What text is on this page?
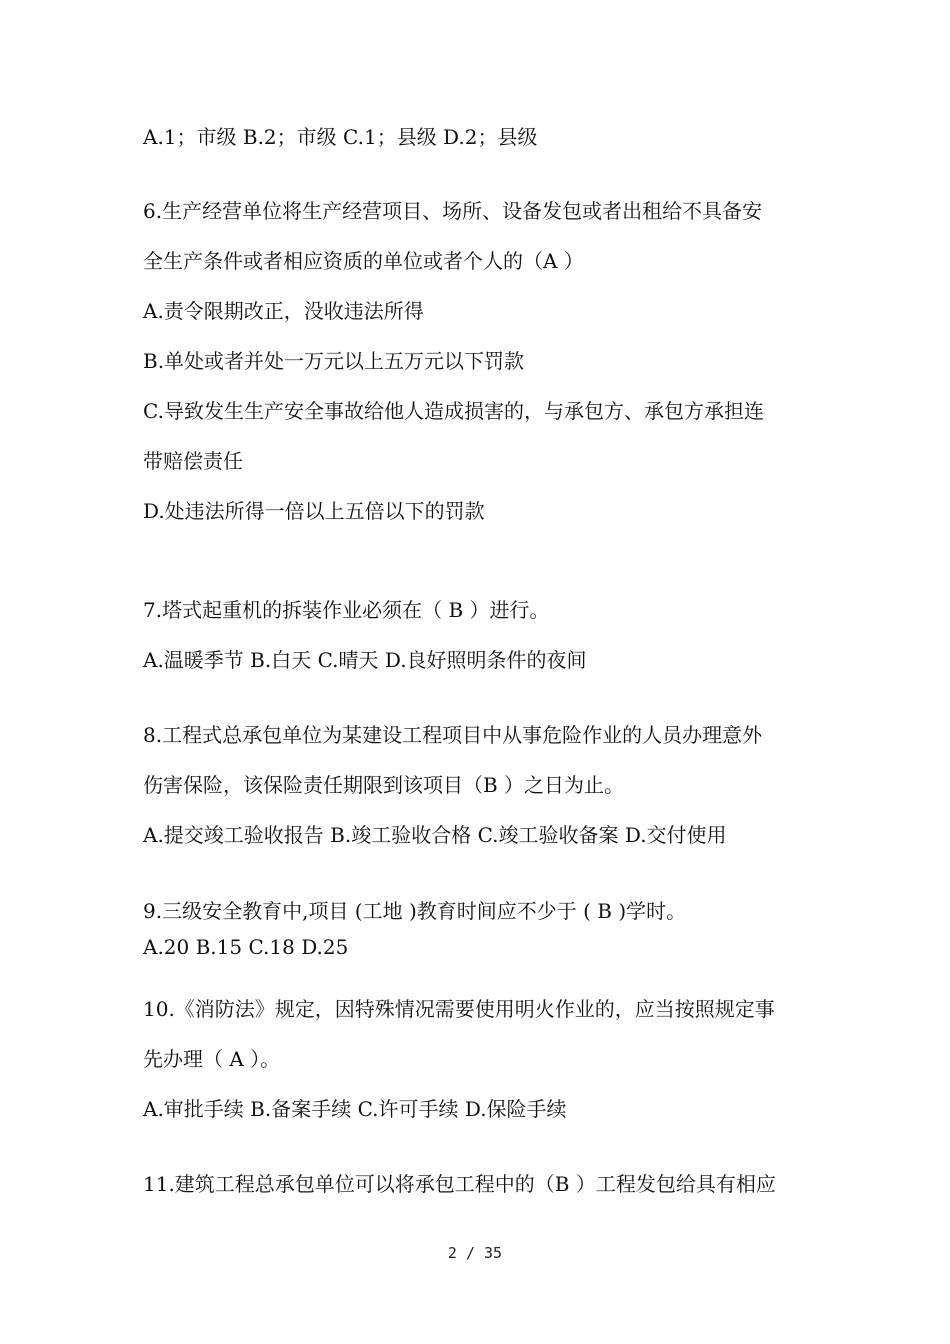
A.1；市级 B.2；市级 C.1；县级 D.2；县级
6.生产经营单位将生产经营项目、场所、设备发包或者出租给不具备安
全生产条件或者相应资质的单位或者个人的（A ）
A.责令限期改正，没收违法所得
B.单处或者并处一万元以上五万元以下罚款
C.导致发生生产安全事故给他人造成损害的，与承包方、承包方承担连
带赔偿责任
D.处违法所得一倍以上五倍以下的罚款
7.塔式起重机的拆装作业必须在（ B ）进行。
A.温暖季节 B.白天 C.晴天 D.良好照明条件的夜间
8.工程式总承包单位为某建设工程项目中从事危险作业的人员办理意外
伤害保险，该保险责任期限到该项目（B ）之日为止。
A.提交竣工验收报告 B.竣工验收合格 C.竣工验收备案 D.交付使用
9.三级安全教育中,项目 (工地 )教育时间应不少于 ( B )学时。
A.20 B.15 C.18 D.25
10.《消防法》规定，因特殊情况需要使用明火作业的，应当按照规定事
先办理（ A ）。
A.审批手续 B.备案手续 C.许可手续 D.保险手续
11.建筑工程总承包单位可以将承包工程中的（B ）工程发包给具有相应
2 / 35
